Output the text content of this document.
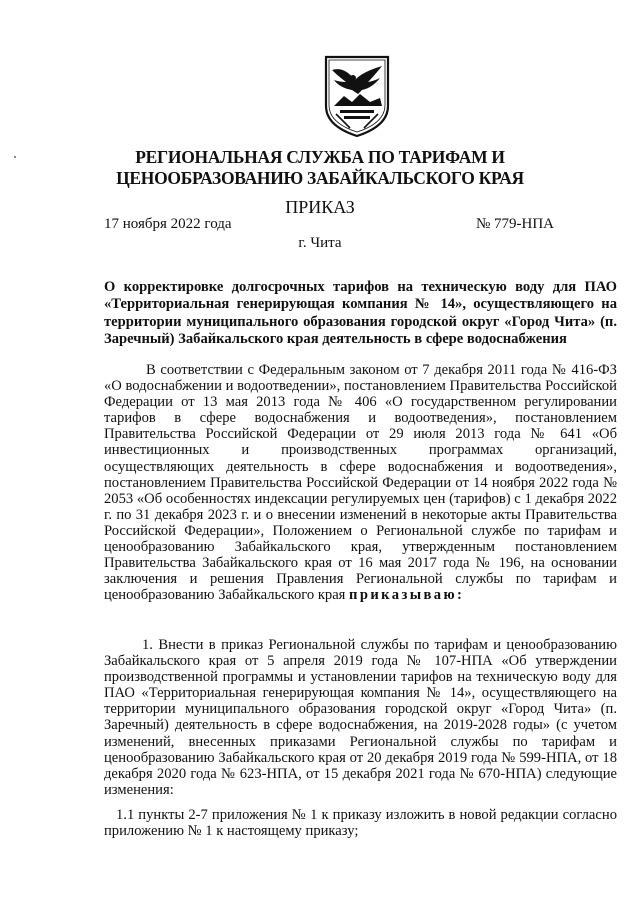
РЕГИОНАЛЬНАЯ СЛУЖБА ПО ТАРИФАМ И
ЦЕНООБРАЗОВАНИЮ ЗАБАЙКАЛЬСКОГО КРАЯ
ПРИКАЗ
17 ноября 2022 года	№ 779-НПА
г. Чита
О корректировке долгосрочных тарифов на техническую воду для ПАО «Территориальная генерирующая компания № 14», осуществляющего на территории муниципального образования городской округ «Город Чита» (п. Заречный) Забайкальского края деятельность в сфере водоснабжения

В соответствии с Федеральным законом от 7 декабря 2011 года № 416-ФЗ «О водоснабжении и водоотведении», постановлением Правительства Российской Федерации от 13 мая 2013 года № 406 «О государственном регулировании тарифов в сфере водоснабжения и водоотведения», постановлением Правительства Российской Федерации от 29 июля 2013 года № 641 «Об инвестиционных и производственных программах организаций, осуществляющих деятельность в сфере водоснабжения и водоотведения», постановлением Правительства Российской Федерации от 14 ноября 2022 года № 2053 «Об особенностях индексации регулируемых цен (тарифов) с 1 декабря 2022 г. по 31 декабря 2023 г. и о внесении изменений в некоторые акты Правительства Российской Федерации», Положением о Региональной службе по тарифам и ценообразованию Забайкальского края, утвержденным постановлением Правительства Забайкальского края от 16 мая 2017 года № 196, на основании заключения и решения Правления Региональной службы по тарифам и ценообразованию Забайкальского края приказываю:

1. Внести в приказ Региональной службы по тарифам и ценообразованию Забайкальского края от 5 апреля 2019 года № 107-НПА «Об утверждении производственной программы и установлении тарифов на техническую воду для ПАО «Территориальная генерирующая компания № 14», осуществляющего на территории муниципального образования городской округ «Город Чита» (п. Заречный) деятельность в сфере водоснабжения, на 2019-2028 годы» (с учетом изменений, внесенных приказами Региональной службы по тарифам и ценообразованию Забайкальского края от 20 декабря 2019 года № 599-НПА, от 18 декабря 2020 года № 623-НПА, от 15 декабря 2021 года № 670-НПА) следующие изменения:

1.1 пункты 2-7 приложения № 1 к приказу изложить в новой редакции согласно приложению № 1 к настоящему приказу;
